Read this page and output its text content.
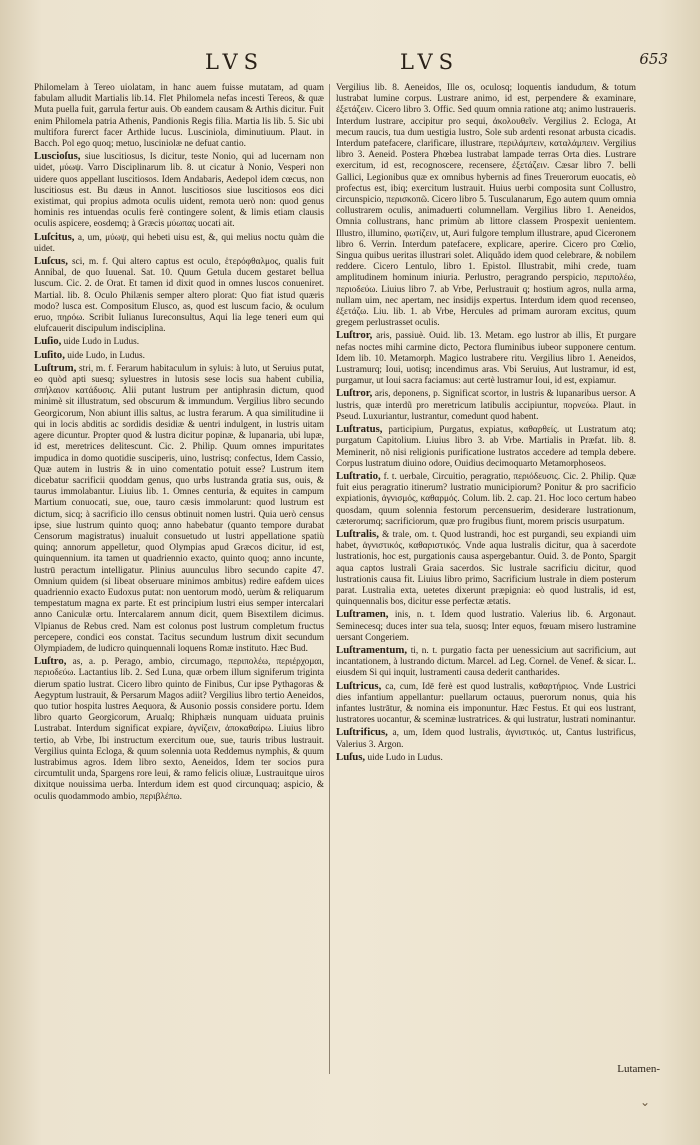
LVS	LVS	653

Philomelam à Tereo uiolatam, in hanc auem fuisse mutatam, ad quam fabulam alludit Martialis lib.14. Flet Philomela nefas incesti Tereos, & quæ Muta puella fuit, garrula fertur auis. Ob eandem causam & Arthis dicitur. Fuit enim Philomela patria Athenis, Pandionis Regis filia. Martia lis lib. 5. Sic ubi multifora furerct facer Arthide lucus. Lusciniola, diminutiuum. Plaut. in Bacch. Pol ego quoq; metuo, lusciniolæ ne defuat cantio.

Luscioſus, siue luscitiosus, Is dicitur, teste Nonio, qui ad lucernam non uidet, μύωψ. Varro Disciplinarum lib. 8. ut cicatur à Nonio, Vesperi non uidere quos appellant luscitiosos. Idem Andabaris, Aedepol idem cœcus, non luscitiosus est. Bu dæus in Annot. luscitiosos siue luscitiosos eos dici existimat, qui propius admota oculis uident, remota uerò non: quod genus hominis res intuendas oculis ferè contingere solent, & limis etiam clausis oculis aspicere, eosdemq; à Græcis μύωπας uocati ait.

Luſcitus, a, um, μύωψ, qui hebeti uisu est, &, qui melius noctu quàm die uidet.

Luſcus, sci, m. f. Qui altero captus est oculo, ἑτερόφθαλμος, qualis fuit Annibal, de quo Iuuenal. Sat. 10. Quum Getula ducem gestaret bellua luscum. Cic. 2. de Orat. Et tamen id dixit quod in omnes luscos conueniret. Martial. lib. 8. Oculo Philænis semper altero plorat: Quo fiat istud quæris modo? lusca est. Compositum Elusco, as, quod est luscum facio, & oculum eruo, πηρόω. Scribit Iulianus Iureconsultus, Aqui lia lege teneri eum qui elufcauerit discipulum indisciplina.

Luſio, uide Ludo in Ludus.

Luſito, uide Ludo, in Ludus.

Luſtrum, stri, m. f. Ferarum habitaculum in syluis: à luto, ut Seruius putat, eo quòd apti suesq; syluestres in lutosis sese locis sua habent cubilia, σπήλαιον κατάδυσις. Alii putant lustrum per antiphrasin dictum, quod minimè sit illustratum, sed obscurum & immundum. Vergilius libro secundo Georgicorum, Non abiunt illis saltus, ac lustra ferarum. A qua similitudine ii qui in locis abditis ac sordidis desidiæ & uentri indulgent, in lustris uitam agere dicuntur. Propter quod & lustra dicitur popinæ, & lupanaria, ubi lupæ, id est, meretrices delitescunt. Cic. 2. Philip. Quum omnes impuritates impudica in domo quotidie susciperis, uino, lustrisq; confectus, Idem Cassio, Quæ autem in lustris & in uino comentatio potuit esse? Lustrum item dicebatur sacrificii quoddam genus, quo urbs lustranda gratia sus, ouis, & taurus immolabantur. Liuius lib. 1. Omnes centuria, & equites in campum Martium conuocati, sue, oue, tauro cæsis immolarunt: quod lustrum est dictum, sicq; à sacrificio illo census obtinuit nomen lustri. Quia uerò census ipse, siue lustrum quinto quoq; anno habebatur (quanto tempore durabat Censorum magistratus) inualuit consuetudo ut lustri appellatione spatiù quinq; annorum appelletur, quod Olympias apud Græcos dicitur, id est, quinquennium. ita tamen ut quadriennio exacto, quinto quoq; anno incunte, lustrū peractum intelligatur. Plinius auunculus libro secundo capite 47. Omnium quidem (si libeat obseruare minimos ambitus) redire eafdem uices quadriennio exacto Eudoxus putat: non uentorum modò, uerùm & reliquarum tempestatum magna ex parte. Et est principium lustri eius semper intercalari anno Caniculæ ortu. Intercalarem annum dicit, quem Bisextilem dicimus. Vlpianus de Rebus cred. Nam est colonus post lustrum completum fructus percepere, condici eos constat. Tacitus secundum lustrum dixit secundum Olympiadem, de ludicro quinquennali loquens Romæ instituto. Hæc Bud.

Luſtro, as, a. p. Perago, ambio, circumago, περιπολέω, περιέρχομαι, περιοδεύω. Lactantius lib. 2. Sed Luna, quæ orbem illum signiferum triginta dierum spatio lustrat. Cicero libro quinto de Finibus, Cur ipse Pythagoras & Aegyptum lustrauit, & Persarum Magos adiit? Vergilius libro tertio Aeneidos, quo tutior hospita lustres Aequora, & Ausonio possis considere portu. Idem libro quarto Georgicorum, Arualq; Rhiphæis nunquam uiduata pruinis Lustrabat. Interdum significat expiare, ἀγνίζειν, ἀποκαθαίρω. Liuius libro tertio, ab Vrbe, Ibi instructum exercitum oue, sue, tauris tribus lustrauit. Vergilius quinta Ecloga, & quum solennia uota Reddemus nymphis, & quum lustrabimus agros. Idem libro sexto, Aeneidos, Idem ter socios pura circumtulit unda, Spargens rore leui, & ramo felicis oliuæ, Lustrauitque uiros dixitque nouissima uerba. Interdum idem est quod circunquaq; aspicio, & oculis quodammodo ambio, περιβλέπω.

Vergilius lib. 8. Aeneidos, Ille os, oculosq; loquentis iandudum, & totum lustrabat lumine corpus. Lustrare animo, id est, perpendere & examinare, ἐξετάζειν. Cicero libro 3. Offic. Sed quum omnia ratione atq; animo lustraueris. Interdum lustrare, accipitur pro sequi, ἀκολουθεῖν. Vergilius 2. Ecloga, At mecum raucis, tua dum uestigia lustro, Sole sub ardenti resonat arbusta cicadis. Interdum patefacere, clarificare, illustrare, περιλάμπειν, καταλάμπειν. Vergilius libro 3. Aeneid. Postera Phœbea lustrabat lampade terras Orta dies. Lustrare exercitum, id est, recognoscere, recensere, ἐξετάζειν. Cæsar libro 7. belli Gallici, Legionibus quæ ex omnibus hybernis ad fines Treuerorum euocatis, eò profectus est, ibiq; exercitum lustrauit. Huius uerbi composita sunt Collustro, circunspicio, περισκοπῶ. Cicero libro 5. Tusculanarum, Ego autem quum omnia collustrarem oculis, animaduerti columnellam. Vergilius libro 1. Aeneidos, Omnia collustrans, hanc primùm ab littore classem Prospexit uenientem. Illustro, illumino, φωτίζειν, ut, Auri fulgore templum illustrare, apud Ciceronem libro 6. Verrin. Interdum patefacere, explicare, aperire. Cicero pro Cœlio, Singua quibus ueritas illustrari solet. Aliquãdo idem quod celebrare, & nobilem reddere. Cicero Lentulo, libro 1. Epistol. Illustrabit, mihi crede, tuam amplitudinem hominum iniuria. Perlustro, peragrando perspicio, περιπολέω, περιοδεύω. Liuius libro 7. ab Vrbe, Perlustrauit q; hostium agros, nulla arma, nullam uim, nec apertam, nec insidijs expertus. Interdum idem quod recenseo, ἐξετάζω. Liu. lib. 1. ab Vrbe, Hercules ad primam auroram excitus, quum gregem perlustrasset oculis.

Luſtror, aris, passiuè. Ouid. lib. 13. Metam. ego lustror ab illis, Et purgare nefas noctes mihi carmine dicto, Pectora fluminibus iubeor supponere centum. Idem lib. 10. Metamorph. Magico lustrabere ritu. Vergilius libro 1. Aeneidos, Lustramurq; Ioui, uotisq; incendimus aras. Vbi Seruius, Aut lustramur, id est, purgamur, ut Ioui sacra faciamus: aut certè lustramur Ioui, id est, expiamur.

Luſtror, aris, deponens, p. Significat scortor, in lustris & lupanaribus uersor. A lustris, quæ interdũ pro meretricum latibulis accipiuntur, πορνεύω. Plaut. in Pseud. Luxuriantur, lustrantur, comedunt quod habent.

Luſtratus, participium, Purgatus, expiatus, καθαρθείς. ut Lustratum atq; purgatum Capitolium. Liuius libro 3. ab Vrbe. Martialis in Præfat. lib. 8. Meminerit, nõ nisi religionis purificatione lustratos accedere ad templa debere. Corpus lustratum diuino odore, Ouidius decimoquarto Metamorphoseos.

Luſtratio, f. t. uerbale, Circuitio, peragratio, περιόδευσις. Cic. 2. Philip. Quæ fuit eius peragratio itinerum? lustratio municipiorum? Ponitur & pro sacrificio expiationis, ἁγνισμός, καθαρμός. Colum. lib. 2. cap. 21. Hoc loco certum habeo quosdam, quum solennia festorum percensuerim, desiderare lustrationum, cæterorumq; sacrificiorum, quæ pro frugibus fiunt, morem priscis usurpatum.

Luſtralis, & trale, om. t. Quod lustrandi, hoc est purgandi, seu expiandi uim habet, ἁγνιστικός, καθαριστικός. Vnde aqua lustralis dicitur, qua à sacerdote lustrationis, hoc est, purgationis causa aspergebantur. Ouid. 3. de Ponto, Spargit aqua captos lustrali Graia sacerdos. Sic lustrale sacrificiu dicitur, quod lustrationis causa fit. Liuius libro primo, Sacrificium lustrale in diem posterum parat. Lustralia exta, uetetes dixerunt præpignia: eò quod lustralis, id est, quinquennalis bos, dicitur esse perfectæ ætatis.

Luſtramen, inis, n. t. Idem quod lustratio. Valerius lib. 6. Argonaut. Seminecesq; duces inter sua tela, suosq; Inter equos, fœuam misero lustramine uersant Congeriem.

Luſtramentum, ti, n. t. purgatio facta per uenessicium aut sacrificium, aut incantationem, à lustrando dictum. Marcel. ad Leg. Cornel. de Venef. & sicar. L. eiusdem Si qui inquit, lustramenti causa dederit cantharides.

Luſtricus, ca, cum, Idē ferè est quod lustralis, καθαρτήριος. Vnde Lustrici dies infantium appellantur: puellarum octauus, puerorum nonus, quia his infantes lustrātur, & nomina eis imponuntur. Hæc Festus. Et qui eos lustrant, lustratores uocantur, & sceminæ lustratrices. & qui lustratur, lustrati nominantur.

Luſtrificus, a, um, Idem quod lustralis, ἁγνιστικός. ut, Cantus lustrificus, Valerius 3. Argon.

Luſus, uide Ludo in Ludus.

Lutamen-
⌄
